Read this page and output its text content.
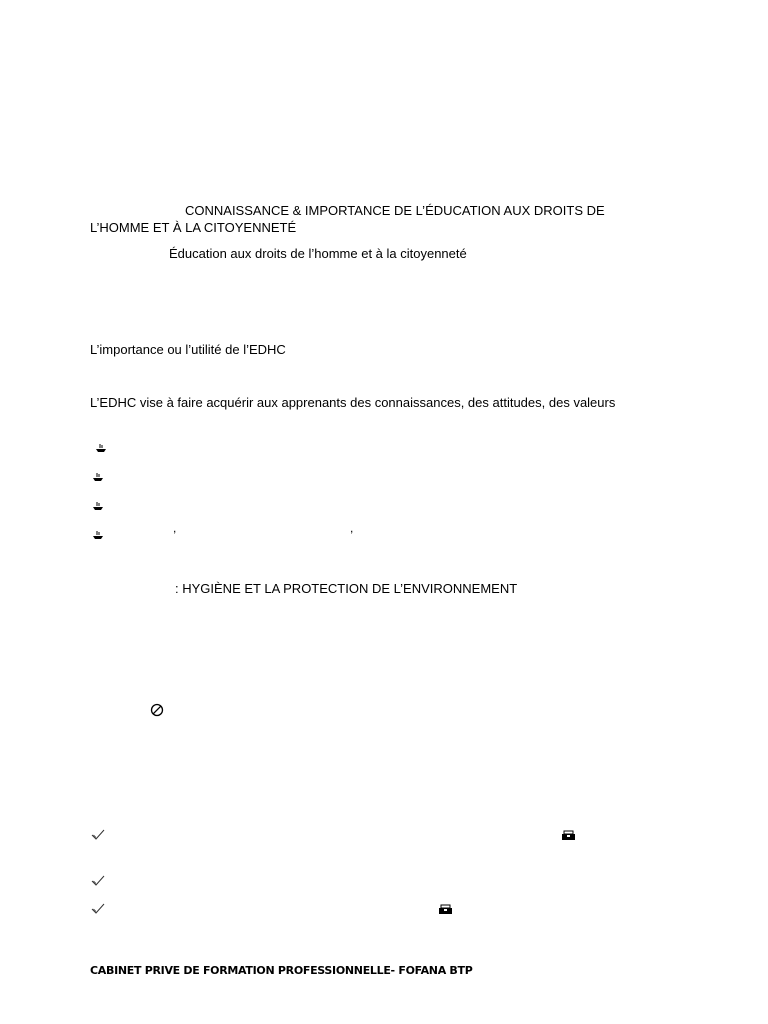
CONNAISSANCE & IMPORTANCE DE L’ÉDUCATION AUX DROITS DE
L’HOMME ET À LA CITOYENNETÉ
Éducation aux droits de l’homme et à la citoyenneté
L’importance ou l’utilité de l’EDHC
L’EDHC vise à faire acquérir aux apprenants des connaissances, des attitudes, des valeurs
,	,
: HYGIÈNE ET LA PROTECTION DE L’ENVIRONNEMENT
CABINET PRIVE DE FORMATION PROFESSIONNELLE- FOFANA BTP
